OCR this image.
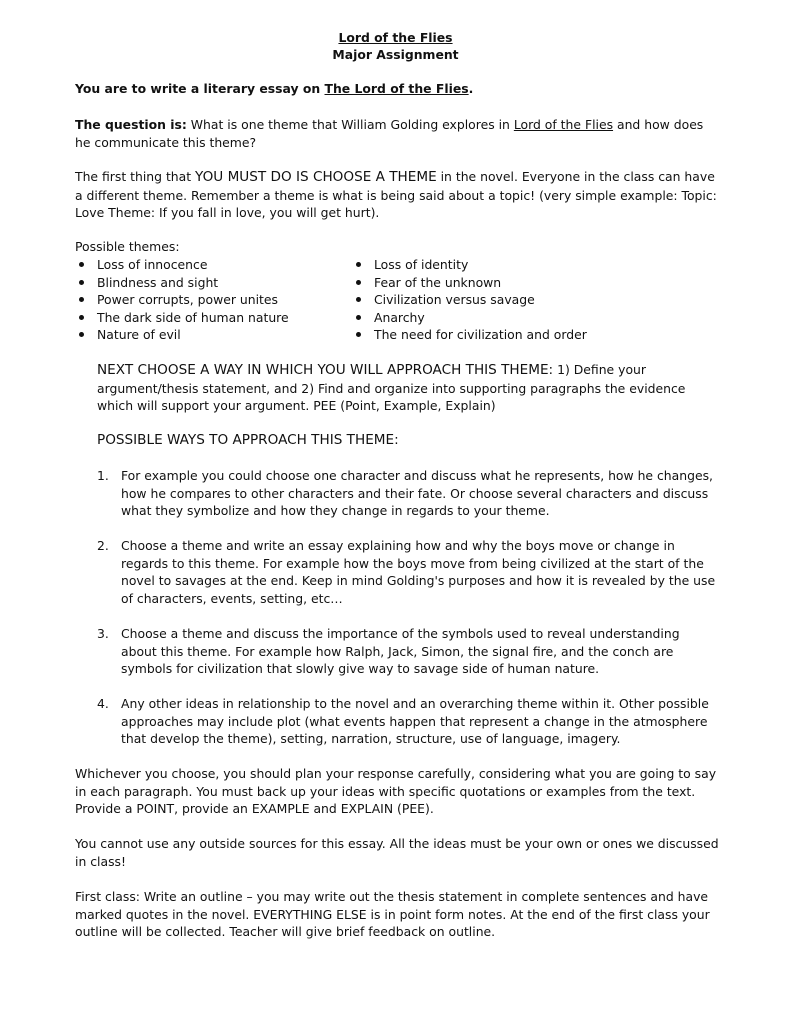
Lord of the Flies
Major Assignment

You are to write a literary essay on The Lord of the Flies.

The question is: What is one theme that William Golding explores in Lord of the Flies and how does he communicate this theme?

The first thing that YOU MUST DO IS CHOOSE A THEME in the novel. Everyone in the class can have a different theme. Remember a theme is what is being said about a topic! (very simple example: Topic: Love Theme: If you fall in love, you will get hurt).

Possible themes:
Loss of innocence
Blindness and sight
Power corrupts, power unites
The dark side of human nature
Nature of evil
Loss of identity
Fear of the unknown
Civilization versus savage
Anarchy
The need for civilization and order

NEXT CHOOSE A WAY IN WHICH YOU WILL APPROACH THIS THEME: 1) Define your argument/thesis statement, and 2) Find and organize into supporting paragraphs the evidence which will support your argument. PEE (Point, Example, Explain)

POSSIBLE WAYS TO APPROACH THIS THEME:
1. For example you could choose one character and discuss what he represents, how he changes, how he compares to other characters and their fate. Or choose several characters and discuss what they symbolize and how they change in regards to your theme.
2. Choose a theme and write an essay explaining how and why the boys move or change in regards to this theme. For example how the boys move from being civilized at the start of the novel to savages at the end. Keep in mind Golding's purposes and how it is revealed by the use of characters, events, setting, etc…
3. Choose a theme and discuss the importance of the symbols used to reveal understanding about this theme. For example how Ralph, Jack, Simon, the signal fire, and the conch are symbols for civilization that slowly give way to savage side of human nature.
4. Any other ideas in relationship to the novel and an overarching theme within it. Other possible approaches may include plot (what events happen that represent a change in the atmosphere that develop the theme), setting, narration, structure, use of language, imagery.

Whichever you choose, you should plan your response carefully, considering what you are going to say in each paragraph. You must back up your ideas with specific quotations or examples from the text. Provide a POINT, provide an EXAMPLE and EXPLAIN (PEE).

You cannot use any outside sources for this essay. All the ideas must be your own or ones we discussed in class!

First class: Write an outline – you may write out the thesis statement in complete sentences and have marked quotes in the novel. EVERYTHING ELSE is in point form notes. At the end of the first class your outline will be collected. Teacher will give brief feedback on outline.
